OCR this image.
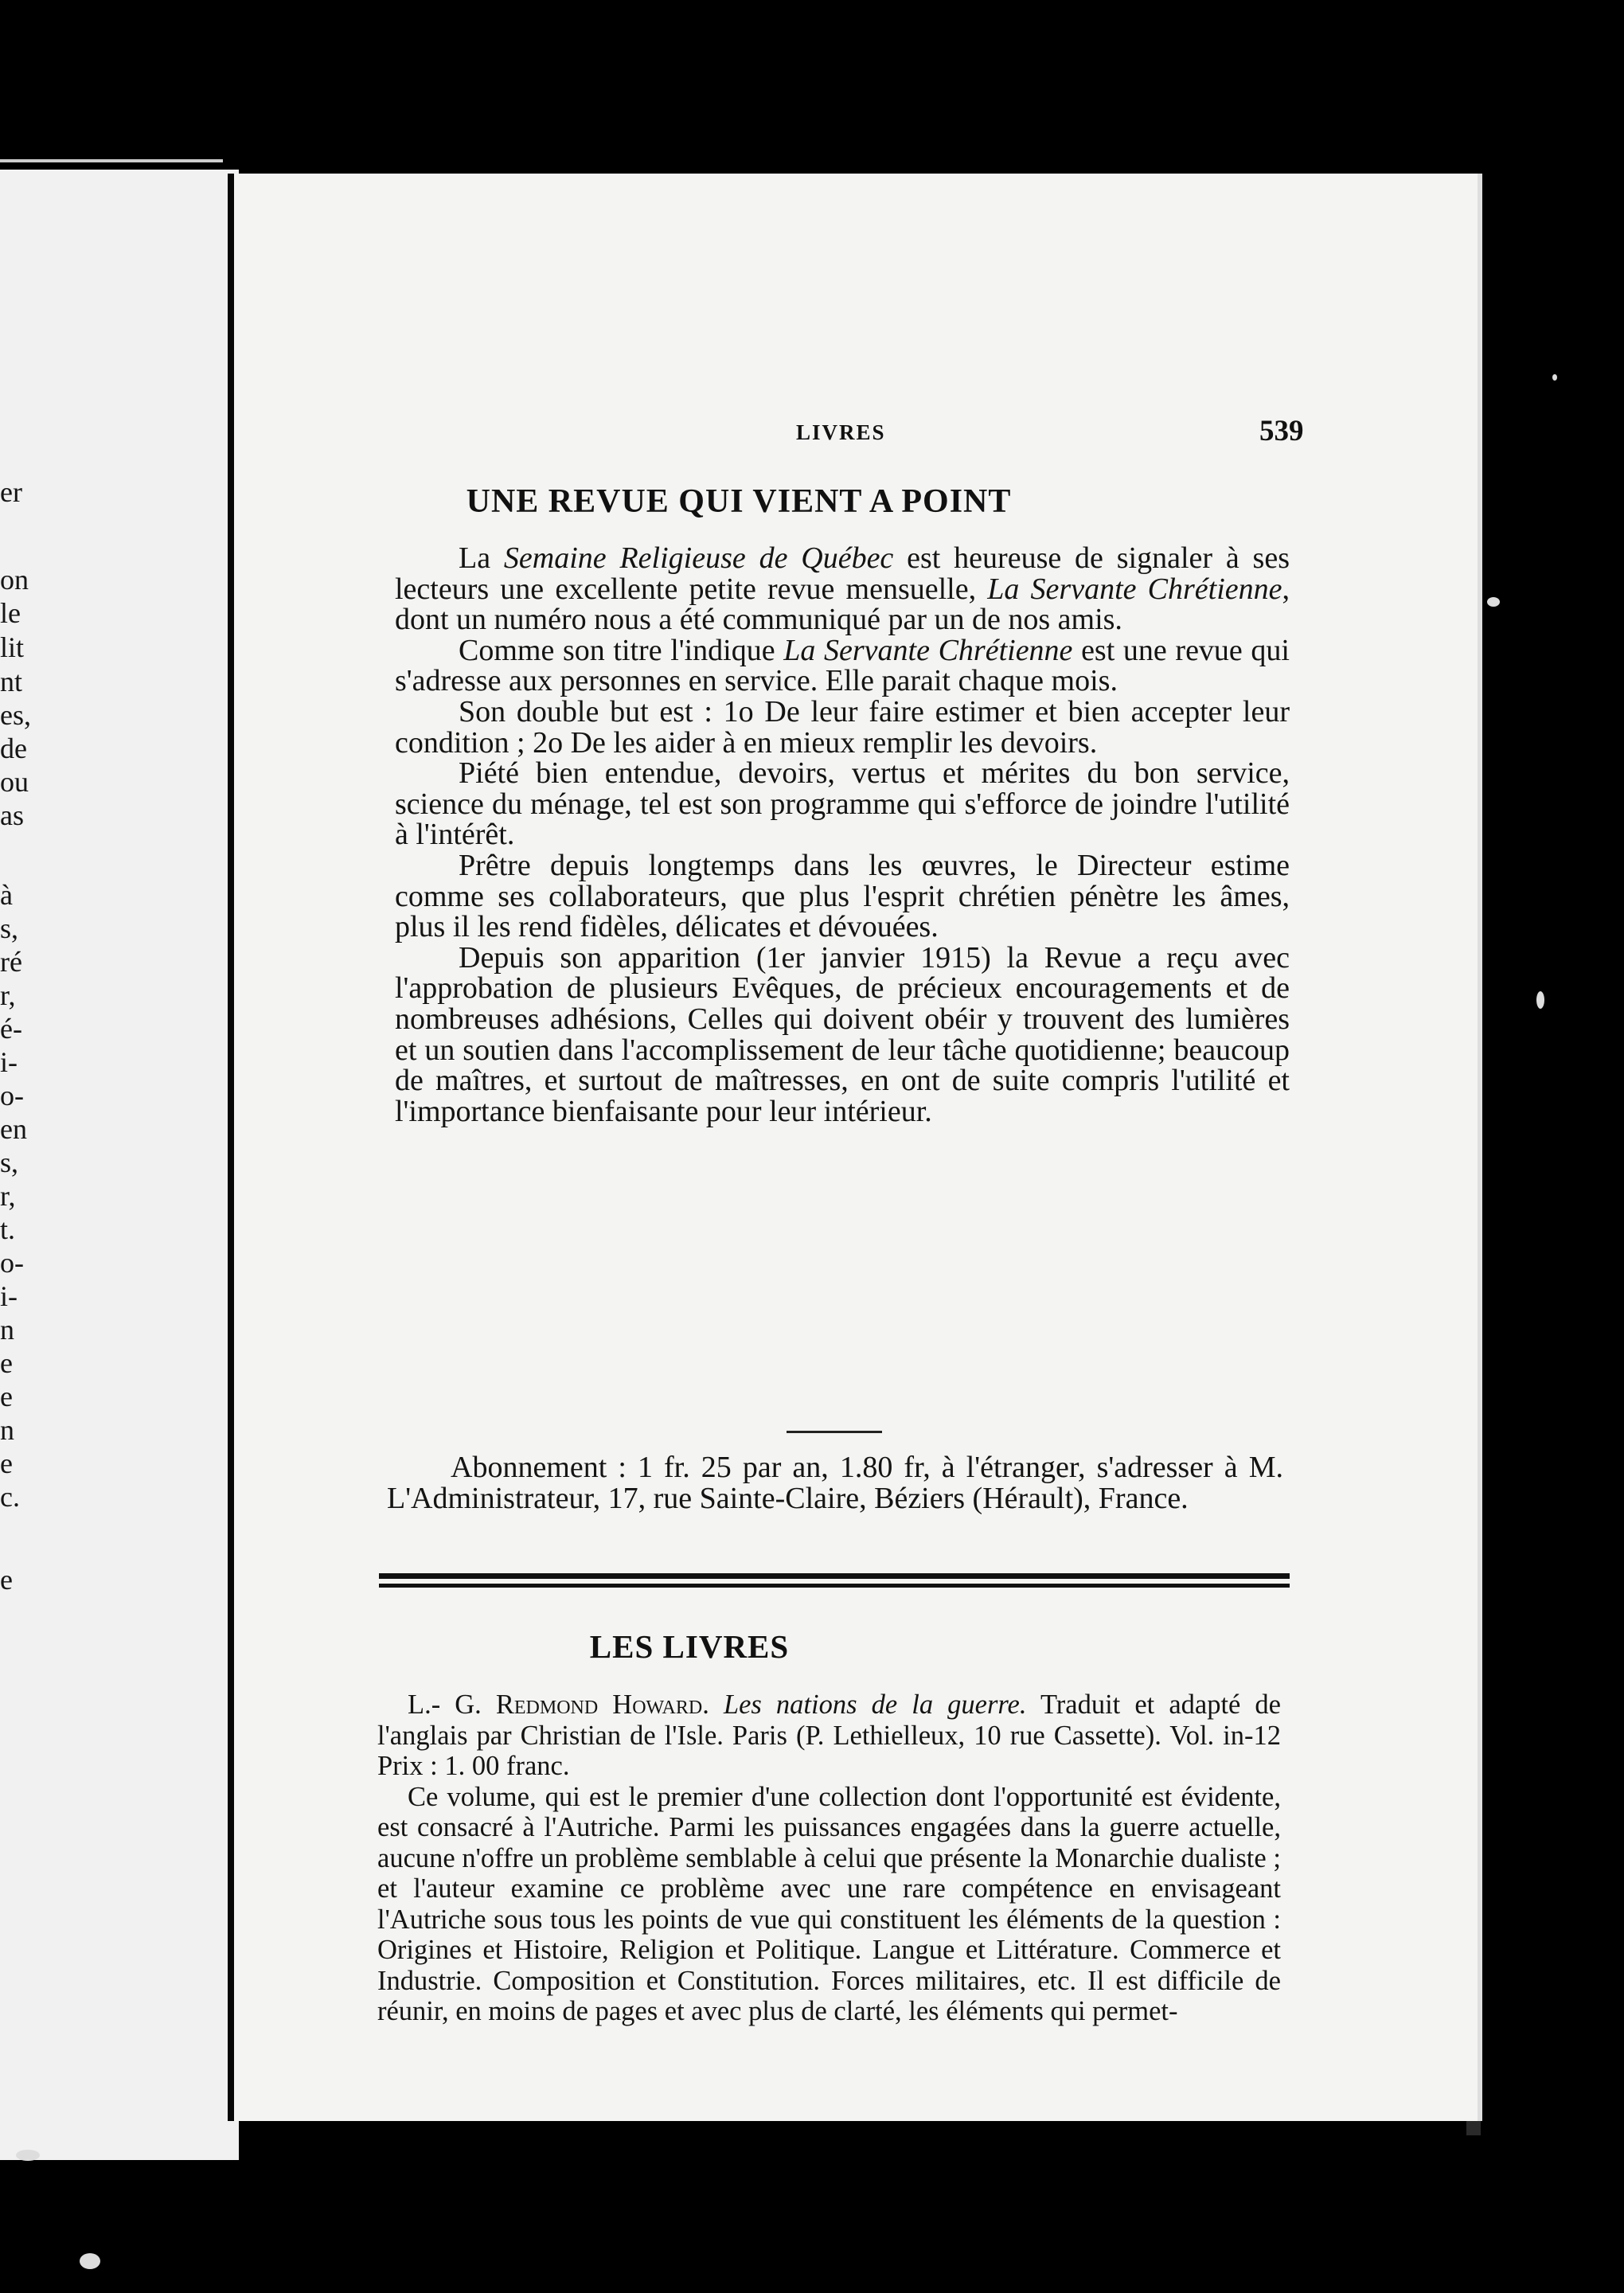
er
on
le
lit
nt
es,
de
ou
as
à
s,
ré
r,
é-
i-
o-
en
s,
r,
t.
o-
i-
n
e
e
n
e
c.
e
LIVRES	539
UNE REVUE QUI VIENT A POINT

La Semaine Religieuse de Québec est heureuse de signaler à ses lecteurs une excellente petite revue mensuelle, La Servante Chrétienne, dont un numéro nous a été communiqué par un de nos amis.

Comme son titre l'indique La Servante Chrétienne est une revue qui s'adresse aux personnes en service. Elle parait chaque mois.

Son double but est : 1o De leur faire estimer et bien accepter leur condition ; 2o De les aider à en mieux remplir les devoirs.

Piété bien entendue, devoirs, vertus et mérites du bon service, science du ménage, tel est son programme qui s'efforce de joindre l'utilité à l'intérêt.

Prêtre depuis longtemps dans les œuvres, le Directeur estime comme ses collaborateurs, que plus l'esprit chrétien pénètre les âmes, plus il les rend fidèles, délicates et dévouées.

Depuis son apparition (1er janvier 1915) la Revue a reçu avec l'approbation de plusieurs Evêques, de précieux encouragements et de nombreuses adhésions, Celles qui doivent obéir y trouvent des lumières et un soutien dans l'accomplissement de leur tâche quotidienne; beaucoup de maîtres, et surtout de maîtresses, en ont de suite compris l'utilité et l'importance bienfaisante pour leur intérieur.

Abonnement : 1 fr. 25 par an, 1.80 fr, à l'étranger, s'adresser à M. L'Administrateur, 17, rue Sainte-Claire, Béziers (Hérault), France.

LES LIVRES

L.- G. Redmond Howard. Les nations de la guerre. Traduit et adapté de l'anglais par Christian de l'Isle. Paris (P. Lethielleux, 10 rue Cassette). Vol. in-12 Prix : 1. 00 franc.

Ce volume, qui est le premier d'une collection dont l'opportunité est évidente, est consacré à l'Autriche. Parmi les puissances engagées dans la guerre actuelle, aucune n'offre un problème semblable à celui que présente la Monarchie dualiste ; et l'auteur examine ce problème avec une rare compétence en envisageant l'Autriche sous tous les points de vue qui constituent les éléments de la question : Origines et Histoire, Religion et Politique. Langue et Littérature. Commerce et Industrie. Composition et Constitution. Forces militaires, etc. Il est difficile de réunir, en moins de pages et avec plus de clarté, les éléments qui permet-
